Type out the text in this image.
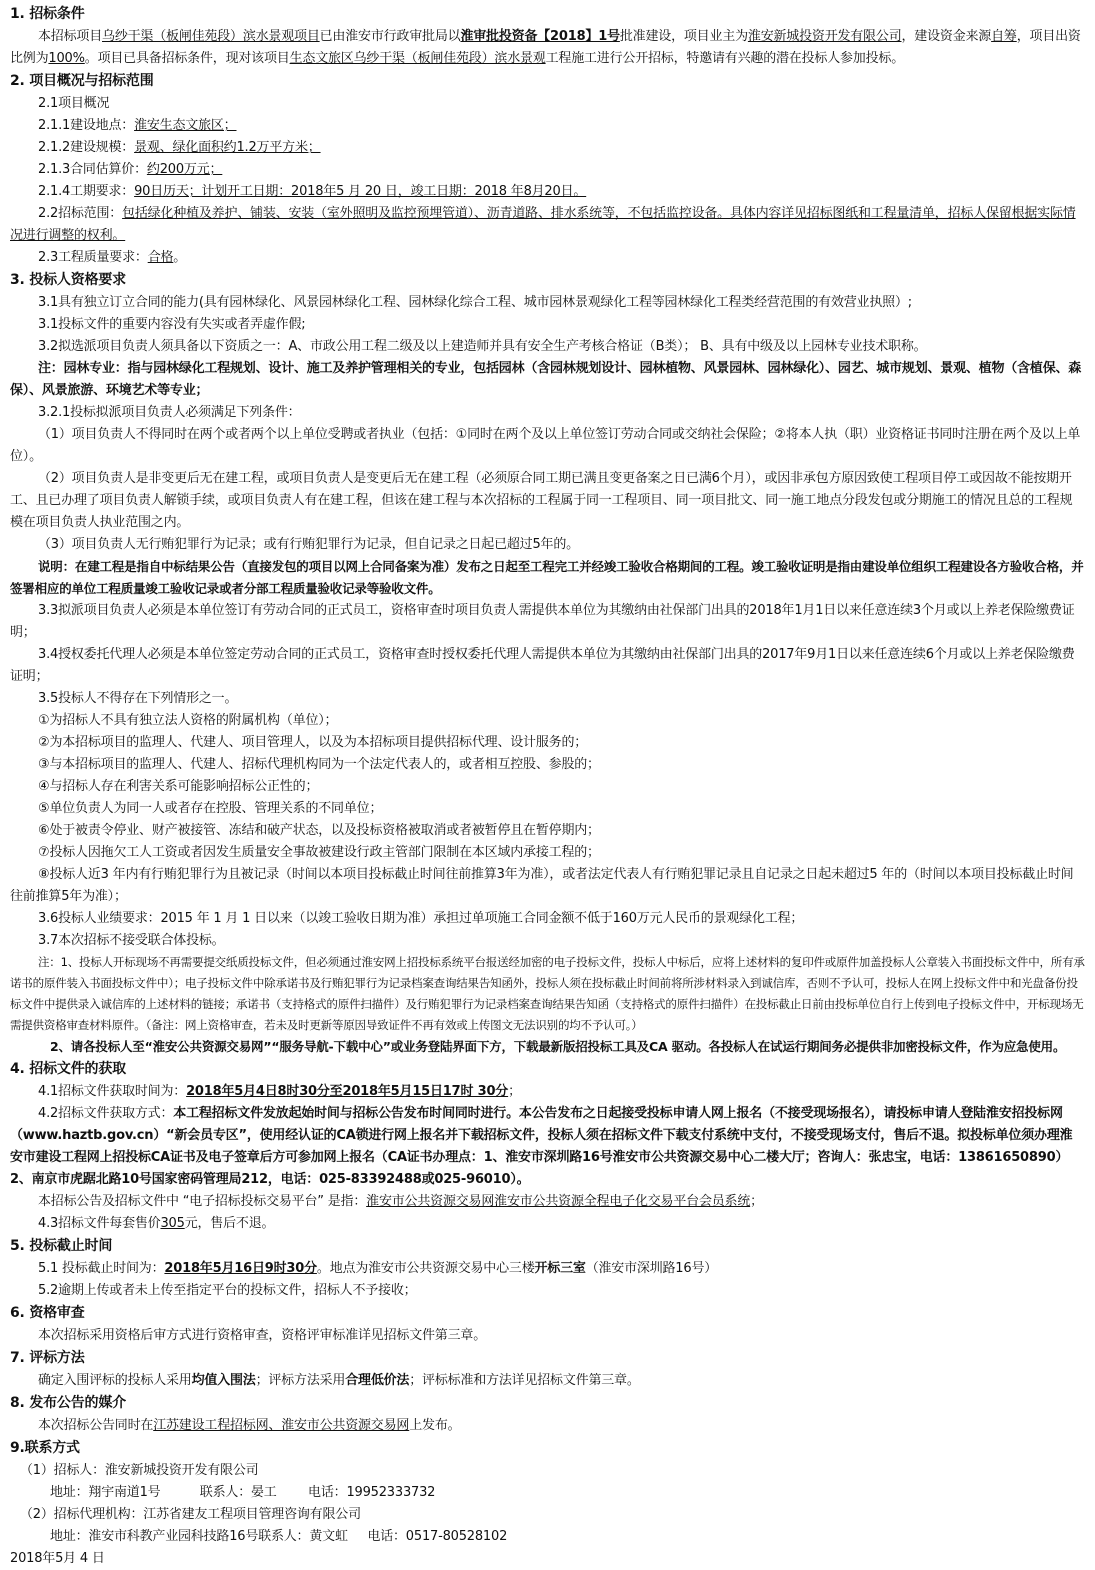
1. 招标条件

本招标项目乌纱干渠（板闸佳苑段）滨水景观项目已由淮安市行政审批局以淮审批投资备【2018】1号批准建设，项目业主为淮安新城投资开发有限公司，建设资金来源自筹，项目出资比例为100%。项目已具备招标条件，现对该项目生态文旅区乌纱干渠（板闸佳苑段）滨水景观工程施工进行公开招标，特邀请有兴趣的潜在投标人参加投标。

2. 项目概况与招标范围

2.1项目概况

2.1.1建设地点：淮安生态文旅区；

2.1.2建设规模：景观、绿化面积约1.2万平方米；

2.1.3合同估算价：约200万元；

2.1.4工期要求：90日历天；计划开工日期：2018年5 月 20 日，竣工日期：2018 年8月20日。

2.2招标范围：包括绿化种植及养护、铺装、安装（室外照明及监控预埋管道）、沥青道路、排水系统等，不包括监控设备。具体内容详见招标图纸和工程量清单，招标人保留根据实际情况进行调整的权利。

2.3工程质量要求：合格。

3. 投标人资格要求

3.1具有独立订立合同的能力(具有园林绿化、风景园林绿化工程、园林绿化综合工程、城市园林景观绿化工程等园林绿化工程类经营范围的有效营业执照）;

3.1投标文件的重要内容没有失实或者弄虚作假;

3.2拟选派项目负责人须具备以下资质之一：A、市政公用工程二级及以上建造师并具有安全生产考核合格证（B类）； B、具有中级及以上园林专业技术职称。

注：园林专业：指与园林绿化工程规划、设计、施工及养护管理相关的专业，包括园林（含园林规划设计、园林植物、风景园林、园林绿化）、园艺、城市规划、景观、植物（含植保、森保）、风景旅游、环境艺术等专业；

3.2.1投标拟派项目负责人必须满足下列条件：

（1）项目负责人不得同时在两个或者两个以上单位受聘或者执业（包括：①同时在两个及以上单位签订劳动合同或交纳社会保险；②将本人执（职）业资格证书同时注册在两个及以上单位）。

（2）项目负责人是非变更后无在建工程，或项目负责人是变更后无在建工程（必须原合同工期已满且变更备案之日已满6个月），或因非承包方原因致使工程项目停工或因故不能按期开工、且已办理了项目负责人解锁手续，或项目负责人有在建工程，但该在建工程与本次招标的工程属于同一工程项目、同一项目批文、同一施工地点分段发包或分期施工的情况且总的工程规模在项目负责人执业范围之内。

（3）项目负责人无行贿犯罪行为记录；或有行贿犯罪行为记录，但自记录之日起已超过5年的。

说明：在建工程是指自中标结果公告（直接发包的项目以网上合同备案为准）发布之日起至工程完工并经竣工验收合格期间的工程。竣工验收证明是指由建设单位组织工程建设各方验收合格，并签署相应的单位工程质量竣工验收记录或者分部工程质量验收记录等验收文件。

3.3拟派项目负责人必须是本单位签订有劳动合同的正式员工，资格审查时项目负责人需提供本单位为其缴纳由社保部门出具的2018年1月1日以来任意连续3个月或以上养老保险缴费证明；

3.4授权委托代理人必须是本单位签定劳动合同的正式员工，资格审查时授权委托代理人需提供本单位为其缴纳由社保部门出具的2017年9月1日以来任意连续6个月或以上养老保险缴费证明；

3.5投标人不得存在下列情形之一。

①为招标人不具有独立法人资格的附属机构（单位）；

②为本招标项目的监理人、代建人、项目管理人，以及为本招标项目提供招标代理、设计服务的；

③与本招标项目的监理人、代建人、招标代理机构同为一个法定代表人的，或者相互控股、参股的；

④与招标人存在利害关系可能影响招标公正性的；

⑤单位负责人为同一人或者存在控股、管理关系的不同单位；

⑥处于被责令停业、财产被接管、冻结和破产状态，以及投标资格被取消或者被暂停且在暂停期内；

⑦投标人因拖欠工人工资或者因发生质量安全事故被建设行政主管部门限制在本区域内承接工程的；

⑧投标人近3 年内有行贿犯罪行为且被记录（时间以本项目投标截止时间往前推算3年为准），或者法定代表人有行贿犯罪记录且自记录之日起未超过5 年的（时间以本项目投标截止时间往前推算5年为准）；

3.6投标人业绩要求：2015 年 1 月 1 日以来（以竣工验收日期为准）承担过单项施工合同金额不低于160万元人民币的景观绿化工程；

3.7本次招标不接受联合体投标。

注：1、投标人开标现场不再需要提交纸质投标文件，但必须通过淮安网上招投标系统平台报送经加密的电子投标文件，投标人中标后，应将上述材料的复印件或原件加盖投标人公章装入书面投标文件中，所有承诺书的原件装入书面投标文件中）；电子投标文件中除承诺书及行贿犯罪行为记录档案查询结果告知函外，投标人须在投标截止时间前将所涉材料录入到诚信库，否则不予认可，投标人在网上投标文件中和光盘备份投标文件中提供录入诚信库的上述材料的链接；承诺书（支持格式的原件扫描件）及行贿犯罪行为记录档案查询结果告知函（支持格式的原件扫描件）在投标截止日前由投标单位自行上传到电子投标文件中，开标现场无需提供资格审查材料原件。（备注：网上资格审查，若未及时更新等原因导致证件不再有效或上传图文无法识别的均不予认可。）

2、请各投标人至“淮安公共资源交易网”“服务导航-下载中心”或业务登陆界面下方，下载最新版招投标工具及CA 驱动。各投标人在试运行期间务必提供非加密投标文件，作为应急使用。

4. 招标文件的获取

4.1招标文件获取时间为：2018年5月4日8时30分至2018年5月15日17时 30分；

4.2招标文件获取方式：本工程招标文件发放起始时间与招标公告发布时间同时进行。本公告发布之日起接受投标申请人网上报名（不接受现场报名），请投标申请人登陆淮安招投标网（www.haztb.gov.cn）“新会员专区”，使用经认证的CA锁进行网上报名并下载招标文件，投标人须在招标文件下载支付系统中支付，不接受现场支付，售后不退。拟投标单位须办理淮安市建设工程网上招投标CA证书及电子签章后方可参加网上报名（CA证书办理点：1、淮安市深圳路16号淮安市公共资源交易中心二楼大厅；咨询人：张忠宝，电话：13861650890）2、南京市虎踞北路10号国家密码管理局212，电话：025-83392488或025-96010）。

本招标公告及招标文件中 “电子招标投标交易平台” 是指：淮安市公共资源交易网淮安市公共资源全程电子化交易平台会员系统；

4.3招标文件每套售价305元，售后不退。

5. 投标截止时间

5.1 投标截止时间为：2018年5月16日9时30分。地点为淮安市公共资源交易中心三楼开标三室（淮安市深圳路16号）

5.2逾期上传或者未上传至指定平台的投标文件，招标人不予接收；

6. 资格审查

本次招标采用资格后审方式进行资格审查，资格评审标准详见招标文件第三章。

7. 评标方法

确定入围评标的投标人采用均值入围法；评标方法采用合理低价法；评标标准和方法详见招标文件第三章。

8. 发布公告的媒介

本次招标公告同时在江苏建设工程招标网、淮安市公共资源交易网上发布。

9.联系方式

（1）招标人：淮安新城投资开发有限公司

地址：翔宇南道1号          联系人：晏工        电话：19952333732

（2）招标代理机构：江苏省建友工程项目管理咨询有限公司

地址：淮安市科教产业园科技路16号联系人：黄文虹     电话：0517-80528102

2018年5月 4 日
